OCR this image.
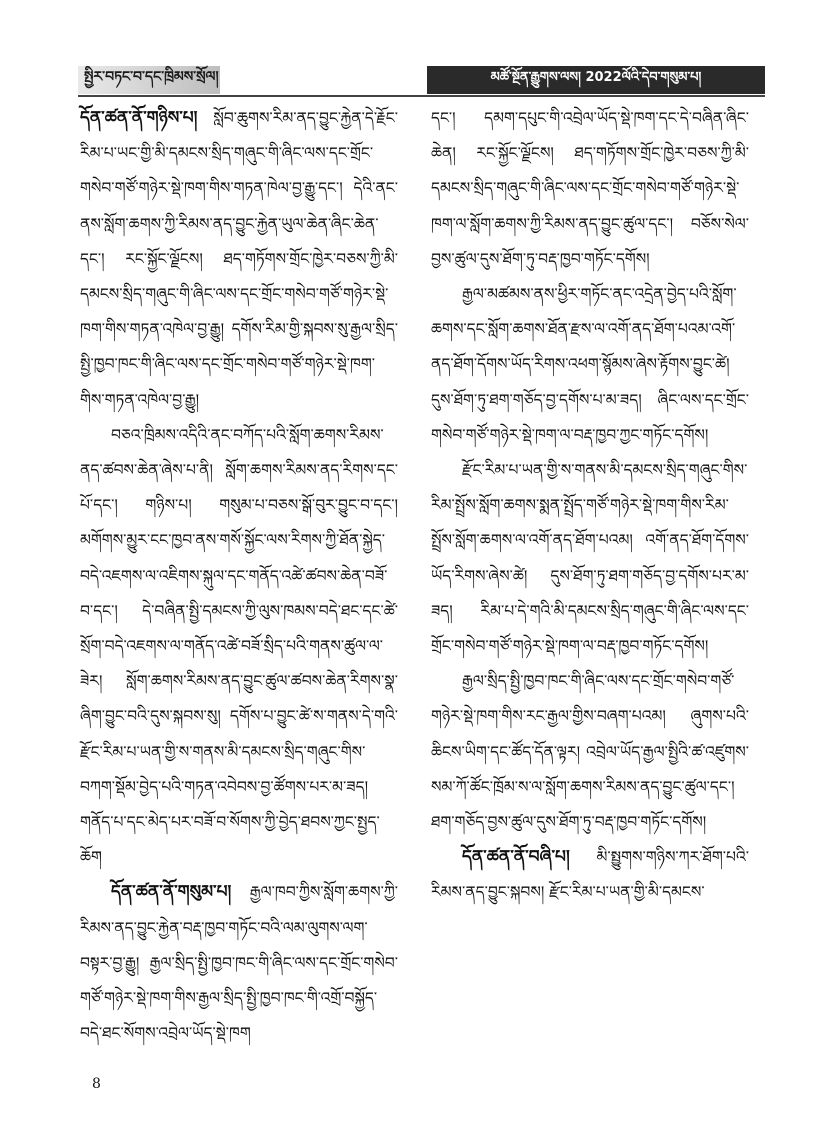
སྤྱིར་བཏང་བ་དང་ཁྲིམས་སྲོལ།	མཚོ་སྔོན་རྒྱུགས་ལས། 2022ལོའི་དེབ་གསུམ་པ།

དོན་ཚན་ནོ་གཉིས་པ། སློབ་ཆུགས་རིམ་ནད་བྱུང་རྐྱེན་དེ་རྗོང་རིམ་པ་ཡང་གྱི་མི་དམངས་སྲིད་གཞུང་གི་ཞིང་ལས་དང་གྲོང་གསེབ་གཙོ་གཉེར་སྡེ་ཁག་གིས་གཏན་ཁེལ་བྱ་རྒྱུ་དང་། དེའི་ནང་ནས་སློག་ཆགས་ཀྱི་རིམས་ནད་བྱུང་རྐྱེན་ཡུལ་ཆེན་ཞིང་ཆེན་དང་། རང་སྐྱོང་ལྗོངས། ཐད་གཏོགས་གྲོང་ཁྱེར་བཅས་ཀྱི་མི་དམངས་སྲིད་གཞུང་གི་ཞིང་ལས་དང་གྲོང་གསེབ་གཙོ་གཉེར་སྡེ་ཁག་གིས་གཏན་འཁེལ་བྱ་རྒྱུ། དགོས་རིམ་གྱི་སྐབས་སུ་རྒྱལ་སྲིད་སྤྱི་ཁྱབ་ཁང་གི་ཞིང་ལས་དང་གྲོང་གསེབ་གཙོ་གཉེར་སྡེ་ཁག་གིས་གཏན་འཁེལ་བྱ་རྒྱུ།

བཅའ་ཁྲིམས་འདིའི་ནང་བཀོད་པའི་སློག་ཆགས་རིམས་ནད་ཚབས་ཆེན་ཞེས་པ་ནི། སློག་ཆགས་རིམས་ནད་རིགས་དང་པོ་དང་། གཉིས་པ། གསུམ་པ་བཅས་སྒོ་བུར་བྱུང་བ་དང་། མགོགས་མྱུར་ངང་ཁྱབ་ནས་གསོ་སྐྱོང་ལས་རིགས་ཀྱི་ཐོན་སྐྱེད་བདེ་འཇགས་ལ་འཇིགས་སྐུལ་དང་གནོད་འཚེ་ཚབས་ཆེན་བཟོ་བ་དང་། དེ་བཞིན་སྤྱི་དམངས་ཀྱི་ལུས་ཁམས་བདེ་ཐང་དང་ཚེ་སྲོག་བདེ་འཇགས་ལ་གནོད་འཚེ་བཟོ་སྲིད་པའི་གནས་ཚུལ་ལ་ཟེར། སློག་ཆགས་རིམས་ནད་བྱུང་ཚུལ་ཚབས་ཆེན་རིགས་སྣ་ཞིག་བྱུང་བའི་དུས་སྐབས་སུ། དགོས་པ་བྱུང་ཚེ་ས་གནས་དེ་གའི་རྫོང་རིམ་པ་ཡན་གྱི་ས་གནས་མི་དམངས་སྲིད་གཞུང་གིས་བཀག་སྡོམ་བྱེད་པའི་གཏན་འབེབས་བྱ་ཚོགས་པར་མ་ཟད། གནོད་པ་དང་མེད་པར་བཟོ་བ་སོགས་ཀྱི་བྱེད་ཐབས་ཀྱང་སྤྱད་ཆོག

དོན་ཚན་ནོ་གསུམ་པ། རྒྱལ་ཁབ་ཀྱིས་སློག་ཆགས་ཀྱི་རིམས་ནད་བྱུང་རྐྱེན་བརྡ་ཁྱབ་གཏོང་བའི་ལམ་ལུགས་ལག་བསྟར་བྱ་རྒྱུ། རྒྱལ་སྲིད་སྤྱི་ཁྱབ་ཁང་གི་ཞིང་ལས་དང་གྲོང་གསེབ་གཙོ་གཉེར་སྡེ་ཁག་གིས་རྒྱལ་སྲིད་སྤྱི་ཁྱབ་ཁང་གི་འགྲོ་བསྐྱོད་བདེ་ཐང་སོགས་འབྲེལ་ཡོད་སྡེ་ཁག

དང་། དམག་དཔུང་གི་འབྲེལ་ཡོད་སྡེ་ཁག་དང་དེ་བཞིན་ཞིང་ཆེན། རང་སྐྱོང་ལྗོངས། ཐད་གཏོགས་གྲོང་ཁྱེར་བཅས་ཀྱི་མི་དམངས་སྲིད་གཞུང་གི་ཞིང་ལས་དང་གྲོང་གསེབ་གཙོ་གཉེར་སྡེ་ཁག་ལ་སློག་ཆགས་ཀྱི་རིམས་ནད་བྱུང་ཚུལ་དང་། བཅོས་སེལ་བྱས་ཚུལ་དུས་ཐོག་ཏུ་བརྡ་ཁྱབ་གཏོང་དགོས།

རྒྱལ་མཚམས་ནས་ཕྱིར་གཏོང་ནང་འདྲེན་བྱེད་པའི་སློག་ཆགས་དང་སློག་ཆགས་ཐོན་རྫས་ལ་འགོ་ནད་ཐོག་པའམ་འགོ་ནད་ཐོག་དོགས་ཡོད་རིགས་འཕག་སྙོམས་ཞེས་རྟོགས་བྱུང་ཚེ། དུས་ཐོག་ཏུ་ཐག་གཅོད་བྱ་དགོས་པ་མ་ཟད། ཞིང་ལས་དང་གྲོང་གསེབ་གཙོ་གཉེར་སྡེ་ཁག་ལ་བརྡ་ཁྱབ་ཀྱང་གཏོང་དགོས།

རྫོང་རིམ་པ་ཡན་གྱི་ས་གནས་མི་དམངས་སྲིད་གཞུང་གིས་རིམ་སྤྲོས་སློག་ཆགས་སྨན་སྤྲོད་གཙོ་གཉེར་སྡེ་ཁག་གིས་རིམ་སྤྲོས་སློག་ཆགས་ལ་འགོ་ནད་ཐོག་པའམ། འགོ་ནད་ཐོག་དོགས་ཡོད་རིགས་ཞེས་ཚེ། དུས་ཐོག་ཏུ་ཐག་གཅོད་བྱ་དགོས་པར་མ་ཟད། རིམ་པ་དེ་གའི་མི་དམངས་སྲིད་གཞུང་གི་ཞིང་ལས་དང་གྲོང་གསེབ་གཙོ་གཉེར་སྡེ་ཁག་ལ་བརྡ་ཁྱབ་གཏོང་དགོས།

རྒྱལ་སྲིད་སྤྱི་ཁྱབ་ཁང་གི་ཞིང་ལས་དང་གྲོང་གསེབ་གཙོ་གཉེར་སྡེ་ཁག་གིས་རང་རྒྱལ་གྱིས་བཞག་པའམ། ཞུགས་པའི་ཆིངས་ཡིག་དང་ཚོད་དོན་ལྟར། འབྲེལ་ཡོད་རྒྱལ་སྤྱིའི་ཚ་འཛུགས་སམ་ཀོ་ཚོང་ཁྲོམ་ས་ལ་སློག་ཆགས་རིམས་ནད་བྱུང་ཚུལ་དང་། ཐག་གཅོད་བྱས་ཚུལ་དུས་ཐོག་ཏུ་བརྡ་ཁྱབ་གཏོང་དགོས།

དོན་ཚན་ནོ་བཞི་པ། མི་སྤྱུགས་གཉིས་ཀར་ཐོག་པའི་རིམས་ནད་བྱུང་སྐབས། རྫོང་རིམ་པ་ཡན་གྱི་མི་དམངས་

8
